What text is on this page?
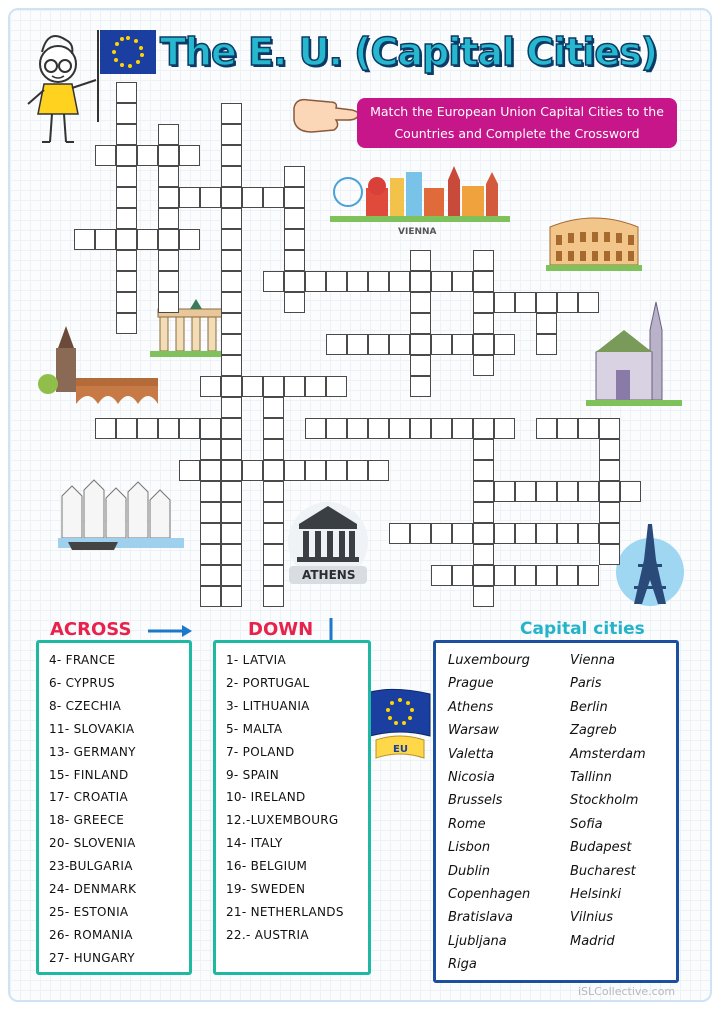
The E. U. (Capital Cities)
Match the European Union Capital Cities to the Countries and Complete the Crossword
VIENNA
ATHENS
EU
ACROSS	DOWN	Capital cities
4- FRANCE
6- CYPRUS
8- CZECHIA
11- SLOVAKIA
13- GERMANY
15- FINLAND
17- CROATIA
18- GREECE
20- SLOVENIA
23-BULGARIA
24- DENMARK
25- ESTONIA
26- ROMANIA
27- HUNGARY
1- LATVIA
2- PORTUGAL
3- LITHUANIA
5- MALTA
7- POLAND
9- SPAIN
10- IRELAND
12.-LUXEMBOURG
14- ITALY
16- BELGIUM
19- SWEDEN
21- NETHERLANDS
22.- AUSTRIA
Luxembourg
Prague
Athens
Warsaw
Valetta
Nicosia
Brussels
Rome
Lisbon
Dublin
Copenhagen
Bratislava
Ljubljana
Riga
Vienna
Paris
Berlin
Zagreb
Amsterdam
Tallinn
Stockholm
Sofia
Budapest
Bucharest
Helsinki
Vilnius
Madrid
iSLCollective.com
